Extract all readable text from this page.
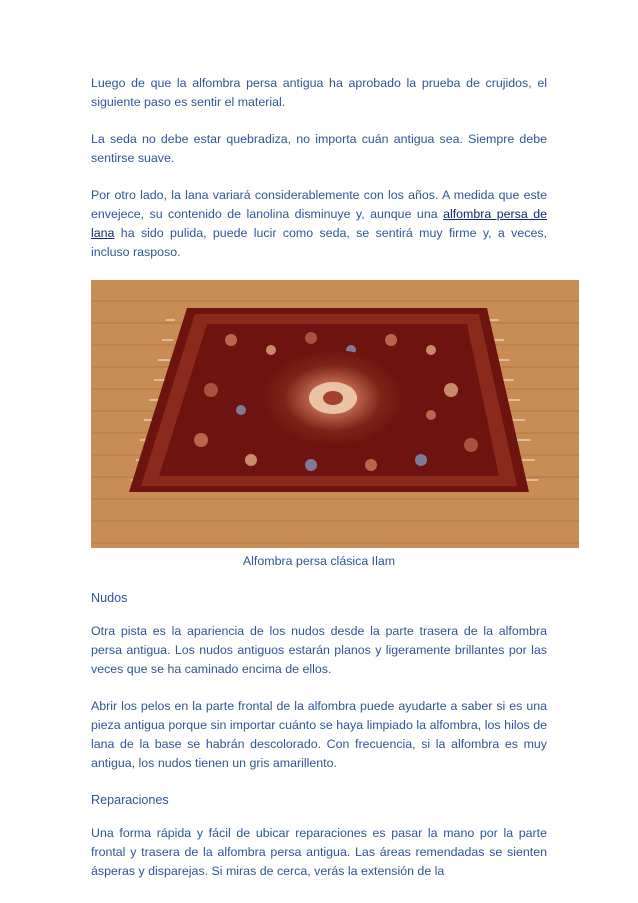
Luego de que la alfombra persa antigua ha aprobado la prueba de crujidos, el siguiente paso es sentir el material.

La seda no debe estar quebradiza, no importa cuán antigua sea. Siempre debe sentirse suave.

Por otro lado, la lana variará considerablemente con los años. A medida que este envejece, su contenido de lanolina disminuye y, aunque una alfombra persa de lana ha sido pulida, puede lucir como seda, se sentirá muy firme y, a veces, incluso rasposo.

Alfombra persa clásica Ilam

Nudos

Otra pista es la apariencia de los nudos desde la parte trasera de la alfombra persa antigua. Los nudos antiguos estarán planos y ligeramente brillantes por las veces que se ha caminado encima de ellos.

Abrir los pelos en la parte frontal de la alfombra puede ayudarte a saber si es una pieza antigua porque sin importar cuánto se haya limpiado la alfombra, los hilos de lana de la base se habrán descolorado. Con frecuencia, si la alfombra es muy antigua, los nudos tienen un gris amarillento.

Reparaciones

Una forma rápida y fácil de ubicar reparaciones es pasar la mano por la parte frontal y trasera de la alfombra persa antigua. Las áreas remendadas se sienten ásperas y disparejas. Si miras de cerca, verás la extensión de la
